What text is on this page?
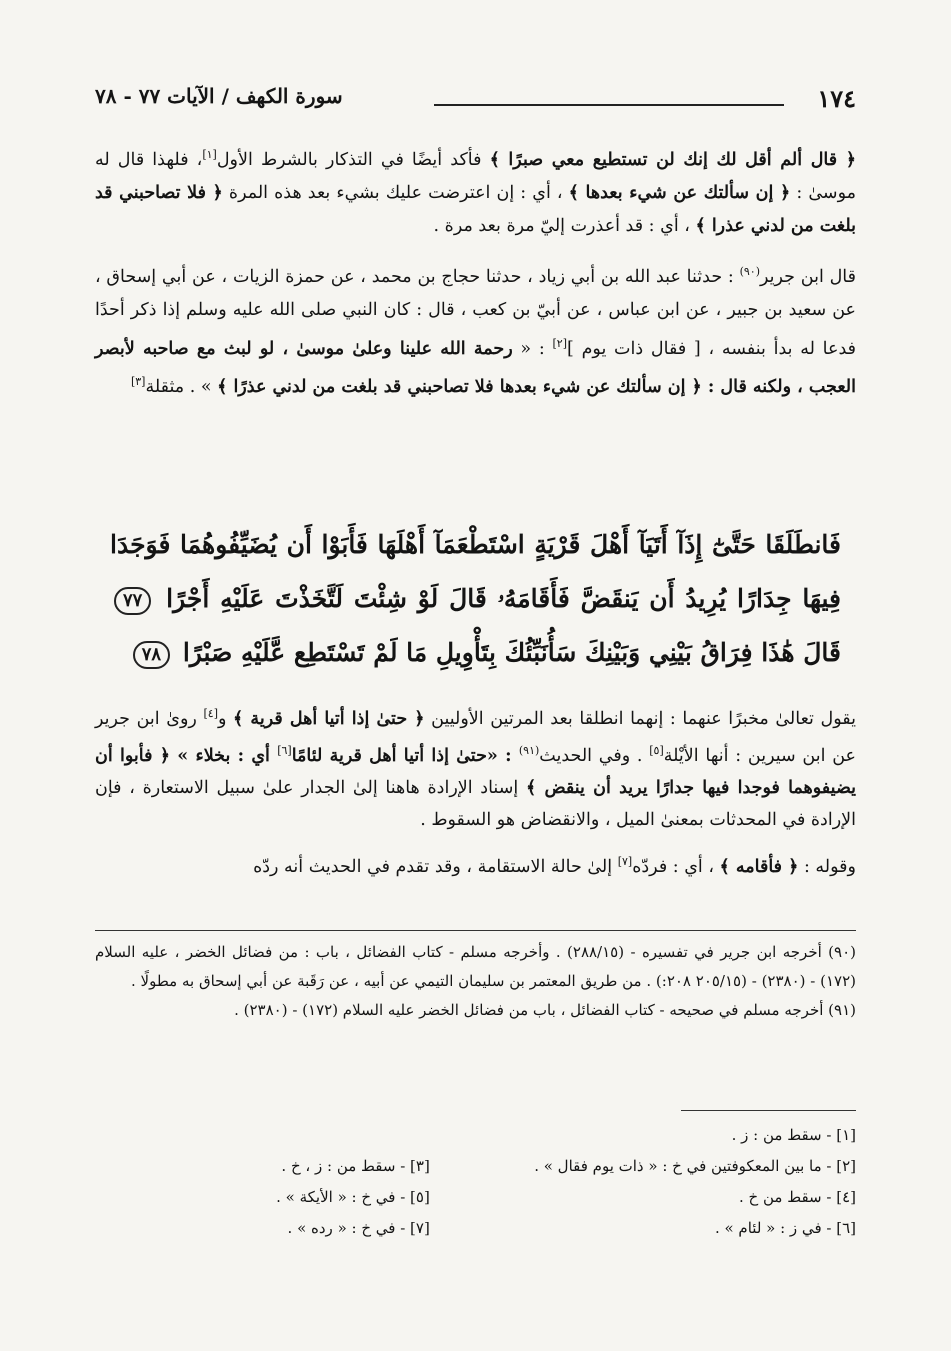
١٧٤
سورة الكهف / الآيات ٧٧ - ٧٨

﴿ قال ألم أقل لك إنك لن تستطيع معي صبرًا ﴾ فأكد أيضًا في التذكار بالشرط الأول[١]، فلهذا قال له موسىٰ : ﴿ إن سألتك عن شيء بعدها ﴾ ، أي : إن اعترضت عليك بشيء بعد هذه المرة ﴿ فلا تصاحبني قد بلغت من لدني عذرا ﴾ ، أي : قد أعذرت إليّ مرة بعد مرة .

قال ابن جرير$^{(٩٠)}$ : حدثنا عبد الله بن أبي زياد ، حدثنا حجاج بن محمد ، عن حمزة الزيات ، عن أبي إسحاق ، عن سعيد بن جبير ، عن ابن عباس ، عن أبيّ بن كعب ، قال : كان النبي صلى الله عليه وسلم إذا ذكر أحدًا فدعا له بدأ بنفسه ، [ فقال ذات يوم ][٢] : « رحمة الله علينا وعلىٰ موسىٰ ، لو لبث مع صاحبه لأبصر العجب ، ولكنه قال : ﴿ إن سألتك عن شيء بعدها فلا تصاحبني قد بلغت من لدني عذرًا ﴾ » . مثقلة[٣]

فَانطَلَقَا حَتَّىٰٓ إِذَآ أَتَيَآ أَهْلَ قَرْيَةٍ اسْتَطْعَمَآ أَهْلَهَا فَأَبَوْا أَن يُضَيِّفُوهُمَا فَوَجَدَا فِيهَا جِدَارًا يُرِيدُ أَن يَنقَضَّ فَأَقَامَهُۥ قَالَ لَوْ شِئْتَ لَتَّخَذْتَ عَلَيْهِ أَجْرًا ٧٧ قَالَ هَٰذَا فِرَاقُ بَيْنِي وَبَيْنِكَ سَأُنَبِّئُكَ بِتَأْوِيلِ مَا لَمْ تَسْتَطِع عَّلَيْهِ صَبْرًا ٧٨

يقول تعالىٰ مخبرًا عنهما : إنهما انطلقا بعد المرتين الأوليين ﴿ حتىٰ إذا أتيا أهل قرية ﴾ و[٤] روىٰ ابن جرير عن ابن سيرين : أنها الأيْلة[٥] . وفي الحديث$^{(٩١)}$ : «حتىٰ إذا أتيا أهل قرية لئامًا[٦] أي : بخلاء » ﴿ فأبوا أن يضيفوهما فوجدا فيها جدارًا يريد أن ينقض ﴾ إسناد الإرادة هاهنا إلىٰ الجدار علىٰ سبيل الاستعارة ، فإن الإرادة في المحدثات بمعنىٰ الميل ، والانقضاض هو السقوط .

وقوله : ﴿ فأقامه ﴾ ، أي : فردّه[٧] إلىٰ حالة الاستقامة ، وقد تقدم في الحديث أنه ردّه

(٩٠) أخرجه ابن جرير في تفسيره - (٢٨٨/١٥) . وأخرجه مسلم - كتاب الفضائل ، باب : من فضائل الخضر ، عليه السلام (١٧٢) - (٢٣٨٠) - (٢٠٥/١٥ ٢٠٨:) . من طريق المعتمر بن سليمان التيمي عن أبيه ، عن رَقَبة عن أبي إسحاق به مطولًا .

(٩١) أخرجه مسلم في صحيحه - كتاب الفضائل ، باب من فضائل الخضر عليه السلام (١٧٢) - (٢٣٨٠) .

[١] - سقط من : ز .
[٢] - ما بين المعكوفتين في خ : « ذات يوم فقال » .
[٣] - سقط من : ز ، خ .
[٤] - سقط من خ .
[٥] - في خ : « الأيكة » .
[٦] - في ز : « لئام » .
[٧] - في خ : « رده » .
